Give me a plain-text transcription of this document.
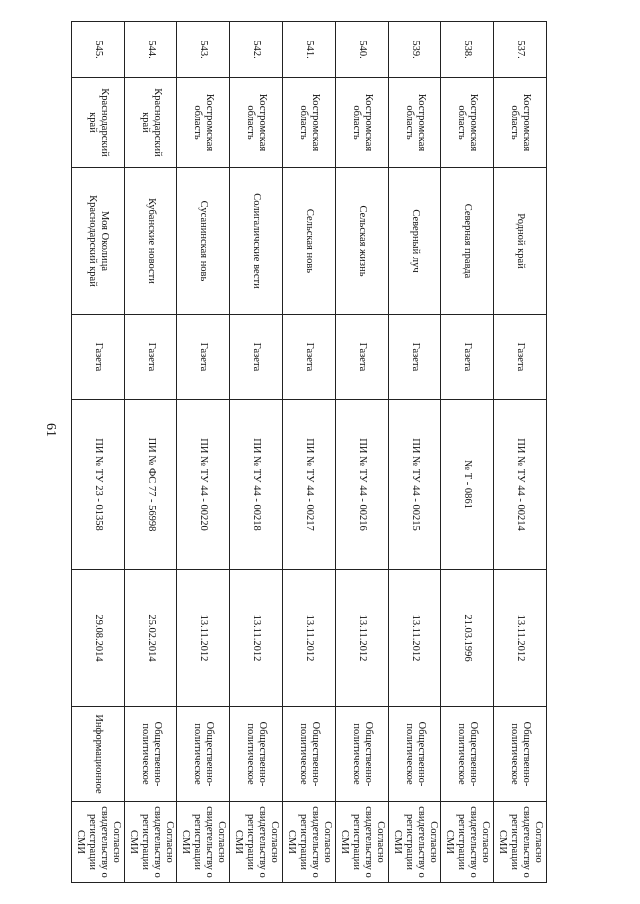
61
537.	Костромская
область	Родной край	Газета	ПИ № ТУ 44 - 00214	13.11.2012	Общественно-
политическое	Согласно
свидетельству о
регистрации СМИ

538.	Костромская
область	Северная правда	Газета	№ Т - 0861	21.03.1996	Общественно-
политическое	Согласно
свидетельству о
регистрации СМИ

539.	Костромская
область	Северный луч	Газета	ПИ № ТУ 44 - 00215	13.11.2012	Общественно-
политическое	Согласно
свидетельству о
регистрации СМИ

540.	Костромская
область	Сельская жизнь	Газета	ПИ № ТУ 44 - 00216	13.11.2012	Общественно-
политическое	Согласно
свидетельству о
регистрации СМИ

541.	Костромская
область	Сельская новь	Газета	ПИ № ТУ 44 - 00217	13.11.2012	Общественно-
политическое	Согласно
свидетельству о
регистрации СМИ

542.	Костромская
область	Солигаличские вести	Газета	ПИ № ТУ 44 - 00218	13.11.2012	Общественно-
политическое	Согласно
свидетельству о
регистрации СМИ

543.	Костромская
область	Сусанинская новь	Газета	ПИ № ТУ 44 - 00220	13.11.2012	Общественно-
политическое	Согласно
свидетельству о
регистрации СМИ

544.	Краснодарский
край	Кубанские новости	Газета	ПИ № ФС 77 - 56998	25.02.2014	Общественно-
политическое	Согласно
свидетельству о
регистрации СМИ

545.	Краснодарский
край	Моя Околица
Краснодарский край	Газета	ПИ № ТУ 23 - 01358	29.08.2014	Информационное	Согласно
свидетельству о
регистрации СМИ
